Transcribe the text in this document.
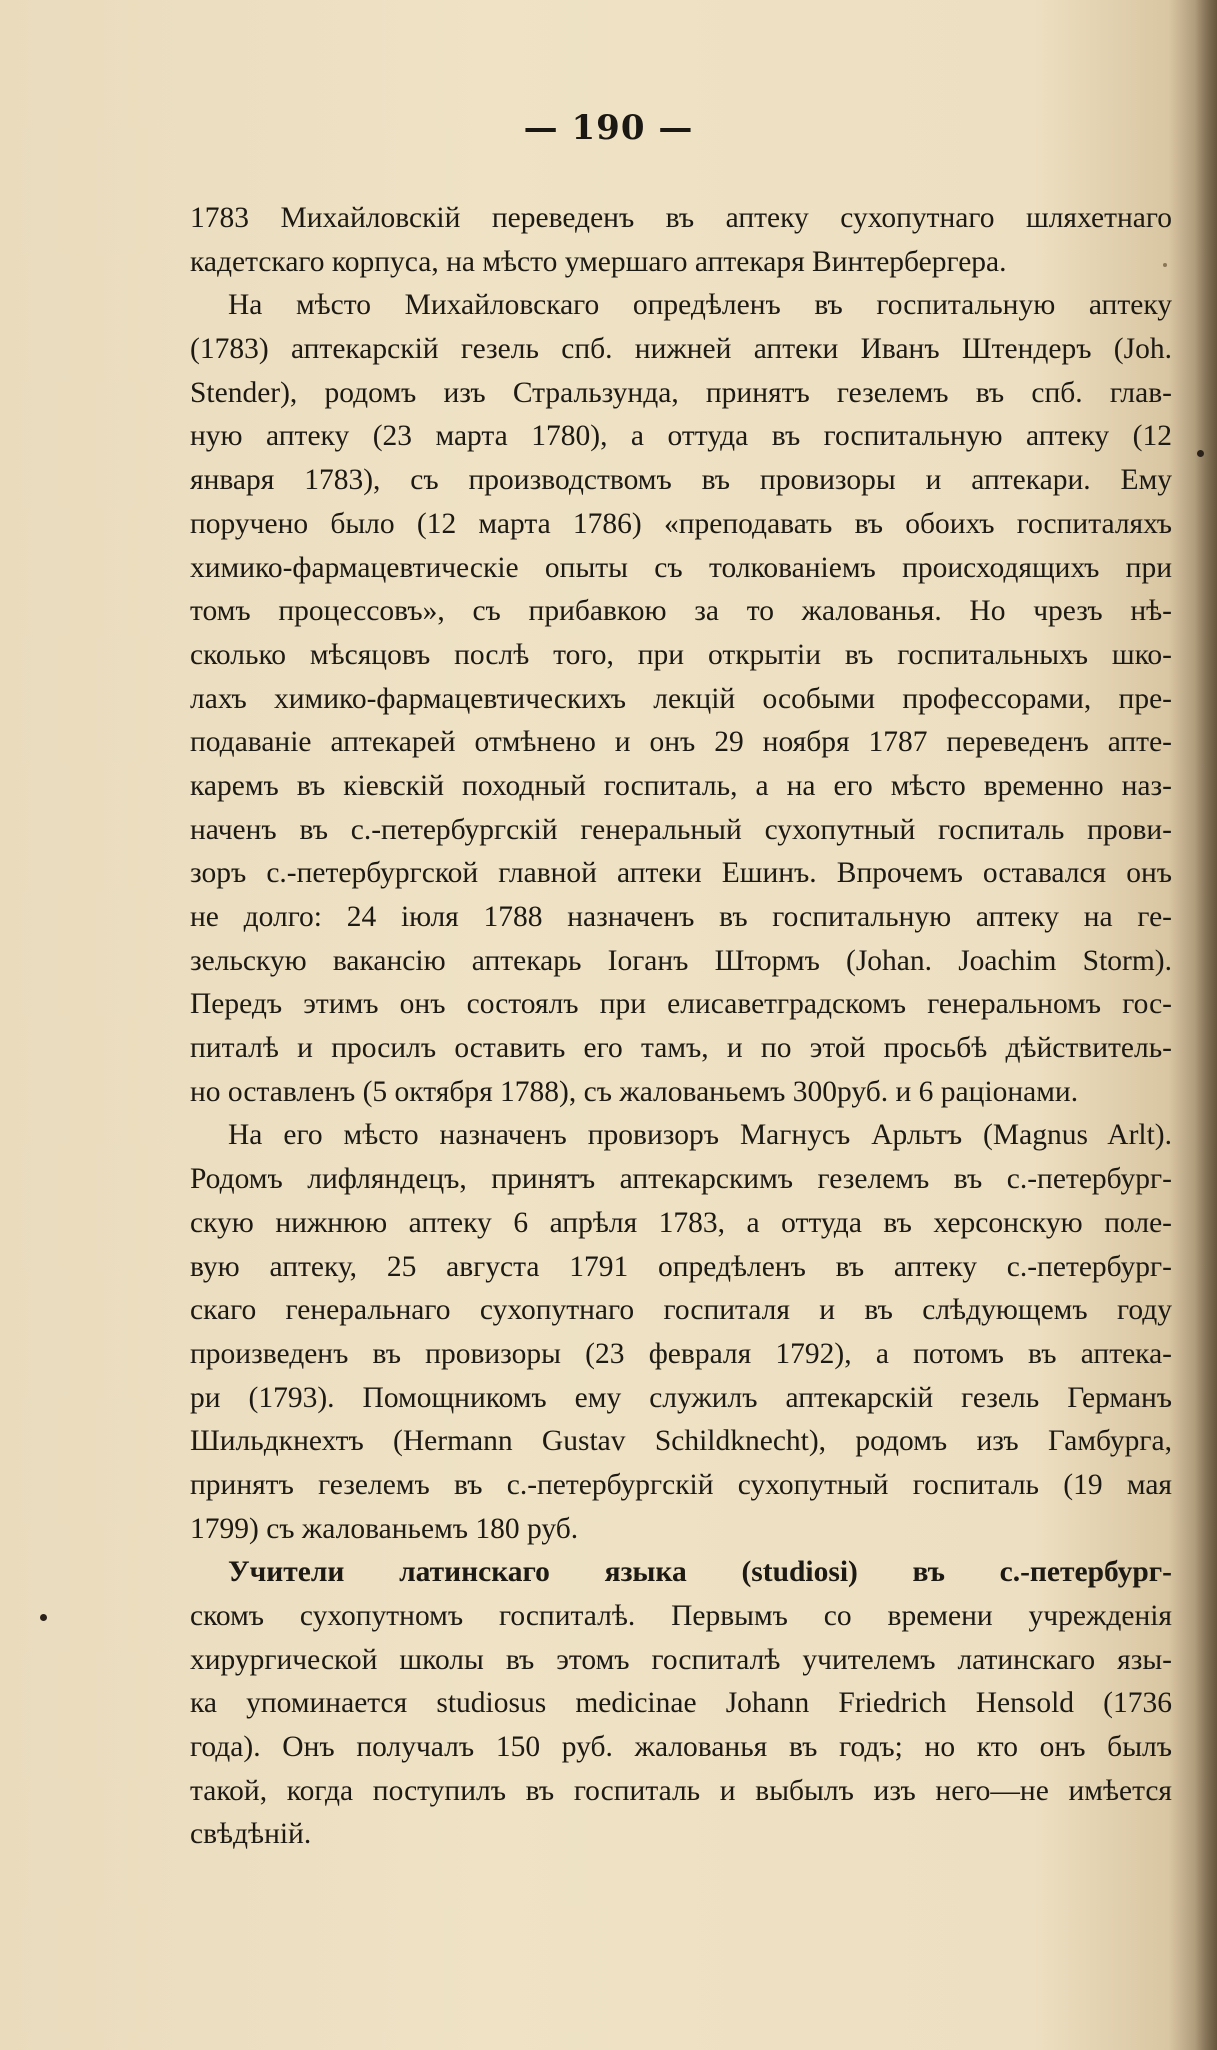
— 190 —
1783 Михайловскій переведенъ въ аптеку сухопутнаго шляхетнаго
кадетскаго корпуса, на мѣсто умершаго аптекаря Винтербергера.
На мѣсто Михайловскаго опредѣленъ въ госпитальную аптеку
(1783) аптекарскій гезель спб. нижней аптеки Иванъ Штендеръ (Joh.
Stender), родомъ изъ Стральзунда, принятъ гезелемъ въ спб. глав-
ную аптеку (23 марта 1780), а оттуда въ госпитальную аптеку (12
января 1783), съ производствомъ въ провизоры и аптекари. Ему
поручено было (12 марта 1786) «преподавать въ обоихъ госпиталяхъ
химико-фармацевтическіе опыты съ толкованіемъ происходящихъ при
томъ процессовъ», съ прибавкою за то жалованья. Но чрезъ нѣ-
сколько мѣсяцовъ послѣ того, при открытіи въ госпитальныхъ шко-
лахъ химико-фармацевтическихъ лекцій особыми профессорами, пре-
подаваніе аптекарей отмѣнено и онъ 29 ноября 1787 переведенъ апте-
каремъ въ кіевскій походный госпиталь, а на его мѣсто временно наз-
наченъ въ с.-петербургскій генеральный сухопутный госпиталь прови-
зоръ с.-петербургской главной аптеки Ешинъ. Впрочемъ оставался онъ
не долго: 24 іюля 1788 назначенъ въ госпитальную аптеку на ге-
зельскую ваканcію аптекарь Іоганъ Штормъ (Johan. Joachim Storm).
Передъ этимъ онъ состоялъ при елисаветградскомъ генеральномъ гос-
питалѣ и просилъ оставить его тамъ, и по этой просьбѣ дѣйствитель-
но оставленъ (5 октября 1788), съ жалованьемъ 300руб. и 6 раціонами.
На его мѣсто назначенъ провизоръ Магнусъ Арльтъ (Magnus Arlt).
Родомъ лифляндецъ, принятъ аптекарскимъ гезелемъ въ с.-петербург-
скую нижнюю аптеку 6 апрѣля 1783, а оттуда въ херсонскую поле-
вую аптеку, 25 августа 1791 опредѣленъ въ аптеку с.-петербург-
скаго генеральнаго сухопутнаго госпиталя и въ слѣдующемъ году
произведенъ въ провизоры (23 февраля 1792), а потомъ въ аптека-
ри (1793). Помощникомъ ему служилъ аптекарскій гезель Германъ
Шильдкнехтъ (Hermann Gustav Schildknecht), родомъ изъ Гамбурга,
принятъ гезелемъ въ с.-петербургскій сухопутный госпиталь (19 мая
1799) съ жалованьемъ 180 руб.
Учители латинскаго языка (studiosi) въ с.-петербург-
скомъ сухопутномъ госпиталѣ. Первымъ со времени учрежденія
хирургической школы въ этомъ госпиталѣ учителемъ латинскаго язы-
ка упоминается studiosus medicinae Johann Friedrich Hensold (1736
года). Онъ получалъ 150 руб. жалованья въ годъ; но кто онъ былъ
такой, когда поступилъ въ госпиталь и выбылъ изъ него—не имѣется
свѣдѣній.
